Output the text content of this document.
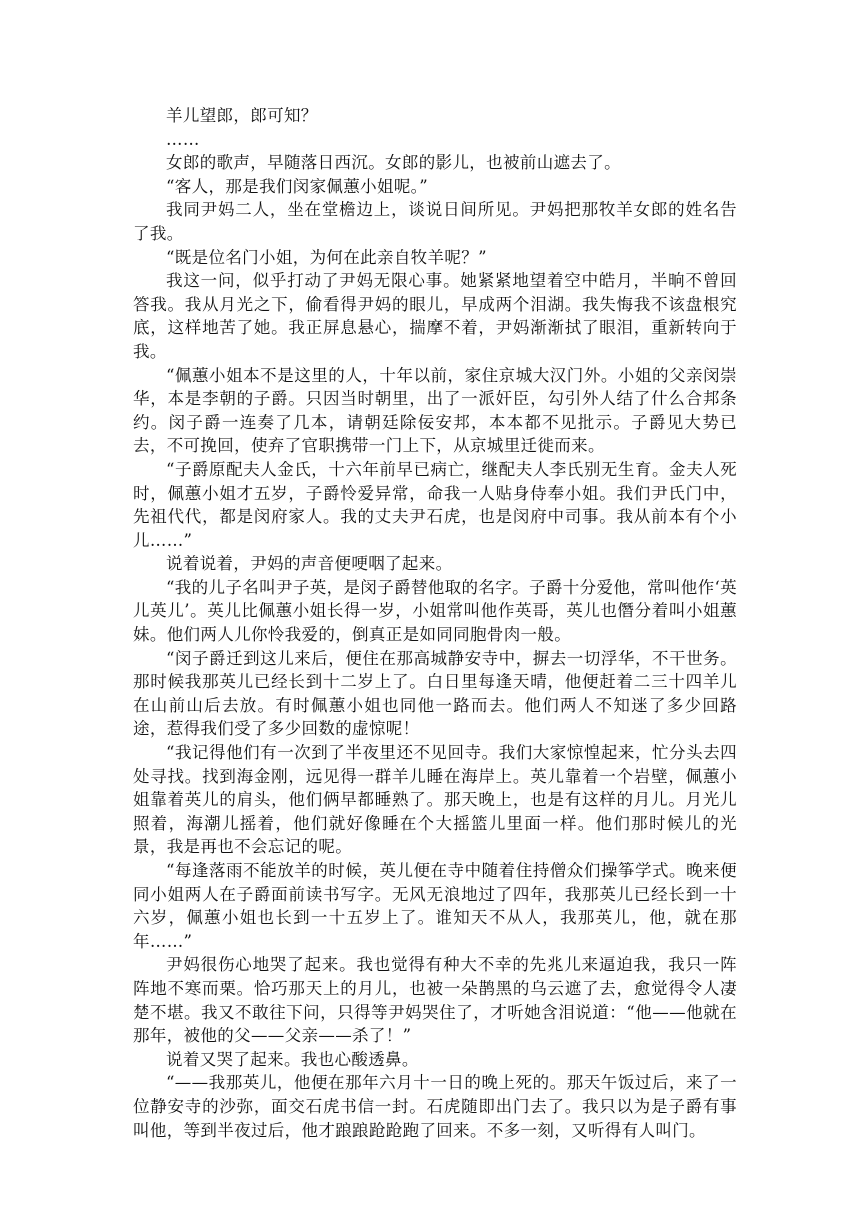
羊儿望郎，郎可知？

……

女郎的歌声，早随落日西沉。女郎的影儿，也被前山遮去了。

“客人，那是我们闵家佩蕙小姐呢。”

我同尹妈二人，坐在堂檐边上，谈说日间所见。尹妈把那牧羊女郎的姓名告了我。

“既是位名门小姐，为何在此亲自牧羊呢？”

我这一问，似乎打动了尹妈无限心事。她紧紧地望着空中皓月，半晌不曾回答我。我从月光之下，偷看得尹妈的眼儿，早成两个泪湖。我失悔我不该盘根究底，这样地苦了她。我正屏息悬心，揣摩不着，尹妈渐渐拭了眼泪，重新转向于我。

“佩蕙小姐本不是这里的人，十年以前，家住京城大汉门外。小姐的父亲闵崇华，本是李朝的子爵。只因当时朝里，出了一派奸臣，勾引外人结了什么合邦条约。闵子爵一连奏了几本，请朝廷除佞安邦，本本都不见批示。子爵见大势已去，不可挽回，使弃了官职携带一门上下，从京城里迁徙而来。

“子爵原配夫人金氏，十六年前早已病亡，继配夫人李氏别无生育。金夫人死时，佩蕙小姐才五岁，子爵怜爱异常，命我一人贴身侍奉小姐。我们尹氏门中，先祖代代，都是闵府家人。我的丈夫尹石虎，也是闵府中司事。我从前本有个小儿……”

说着说着，尹妈的声音便哽咽了起来。

“我的儿子名叫尹子英，是闵子爵替他取的名字。子爵十分爱他，常叫他作‘英儿英儿’。英儿比佩蕙小姐长得一岁，小姐常叫他作英哥，英儿也僭分着叫小姐蕙妹。他们两人儿你怜我爱的，倒真正是如同同胞骨肉一般。

“闵子爵迁到这儿来后，便住在那高城静安寺中，摒去一切浮华，不干世务。那时候我那英儿已经长到十二岁上了。白日里每逢天晴，他便赶着二三十四羊儿在山前山后去放。有时佩蕙小姐也同他一路而去。他们两人不知迷了多少回路途，惹得我们受了多少回数的虚惊呢！

“我记得他们有一次到了半夜里还不见回寺。我们大家惊惶起来，忙分头去四处寻找。找到海金刚，远见得一群羊儿睡在海岸上。英儿靠着一个岩壁，佩蕙小姐靠着英儿的肩头，他们俩早都睡熟了。那天晚上，也是有这样的月儿。月光儿照着，海潮儿摇着，他们就好像睡在个大摇篮儿里面一样。他们那时候儿的光景，我是再也不会忘记的呢。

“每逢落雨不能放羊的时候，英儿便在寺中随着住持僧众们操筝学式。晚来便同小姐两人在子爵面前读书写字。无风无浪地过了四年，我那英儿已经长到一十六岁，佩蕙小姐也长到一十五岁上了。谁知天不从人，我那英儿，他，就在那年……”

尹妈很伤心地哭了起来。我也觉得有种大不幸的先兆儿来逼迫我，我只一阵阵地不寒而栗。恰巧那天上的月儿，也被一朵鹊黑的乌云遮了去，愈觉得令人凄楚不堪。我又不敢往下问，只得等尹妈哭住了，才听她含泪说道：“他——他就在那年，被他的父——父亲——杀了！”

说着又哭了起来。我也心酸透鼻。

“——我那英儿，他便在那年六月十一日的晚上死的。那天午饭过后，来了一位静安寺的沙弥，面交石虎书信一封。石虎随即出门去了。我只以为是子爵有事叫他，等到半夜过后，他才踉踉跄跄跑了回来。不多一刻，又听得有人叫门。
